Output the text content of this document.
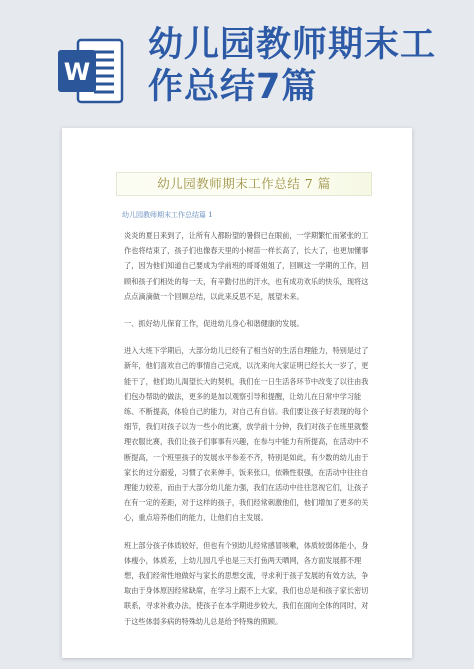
W
幼儿园教师期末工作总结7篇
幼儿园教师期末工作总结 7 篇
幼儿园教师期末工作总结篇 1

炎炎的夏日来到了，让所有人都盼望的暑假已在眼前，一学期繁忙而紧张的工作也将结束了，孩子们也像春天里的小树苗一样长高了，长大了，也更加懂事了，因为他们知道自己要成为学前班的哥哥姐姐了，回顾这一学期的工作，回顾和孩子们相处的每一天，有辛勤付出的汗水，也有成功欢乐的快乐，现将这点点滴滴做一个回顾总结，以此来反思不足，展望未来。

一、抓好幼儿保育工作，促进幼儿身心和谐健康的发展。

进入大班下学期后，大部分幼儿已经有了相当好的生活自理能力，特别是过了新年，他们喜欢自己的事情自己完成，以沈来向大家证明已经长大一岁了，更能干了，他们幼儿渴望长大的契机，我们在一日生活各环节中改变了以往由我们包办帮助的做法，更多的是加以观察引导和提醒，让幼儿在日常中学习能练、不断提高，体验自己的能力，对自己有自信。我们要让孩子好表现的每个细节，我们对孩子以为一些小的比赛，放学前十分钟，我们对孩子在班里就整理衣服比赛，我们让孩子们事事有兴趣，在参与中能力有所提高，在活动中不断提高，一个班里孩子的发展水平参差不齐，特别是如此，有少数的幼儿由于家长的过分溺爱，习惯了衣来伸手，饭来张口，依赖性很强，在活动中往往自理能力较差，而由于大部分幼儿能力强，我们在活动中往往忽视它们，让孩子在有一定的差距，对于这样的孩子，我们经常刺激他们，他们增加了更多的关心，重点培养他们的能力，让他们自主发展。

班上部分孩子体质较好，但也有个别幼儿经常感冒咳嗽，体质较弱体能小，身体瘦小，体质差，上幼儿园几乎也是三天打鱼两天晒网，各方面发展都不理想，我们经常性地做好与家长的思想交流，寻求利于孩子发展的有效方法，争取由于身体原因经常缺席，在学习上跟不上大家，我们也总是和孩子家长密切联系，寻求补救办法，使孩子在本学期进步较大，我们在面向全体的同时，对于这些体弱多病的特殊幼儿总是给予特殊的照顾。
